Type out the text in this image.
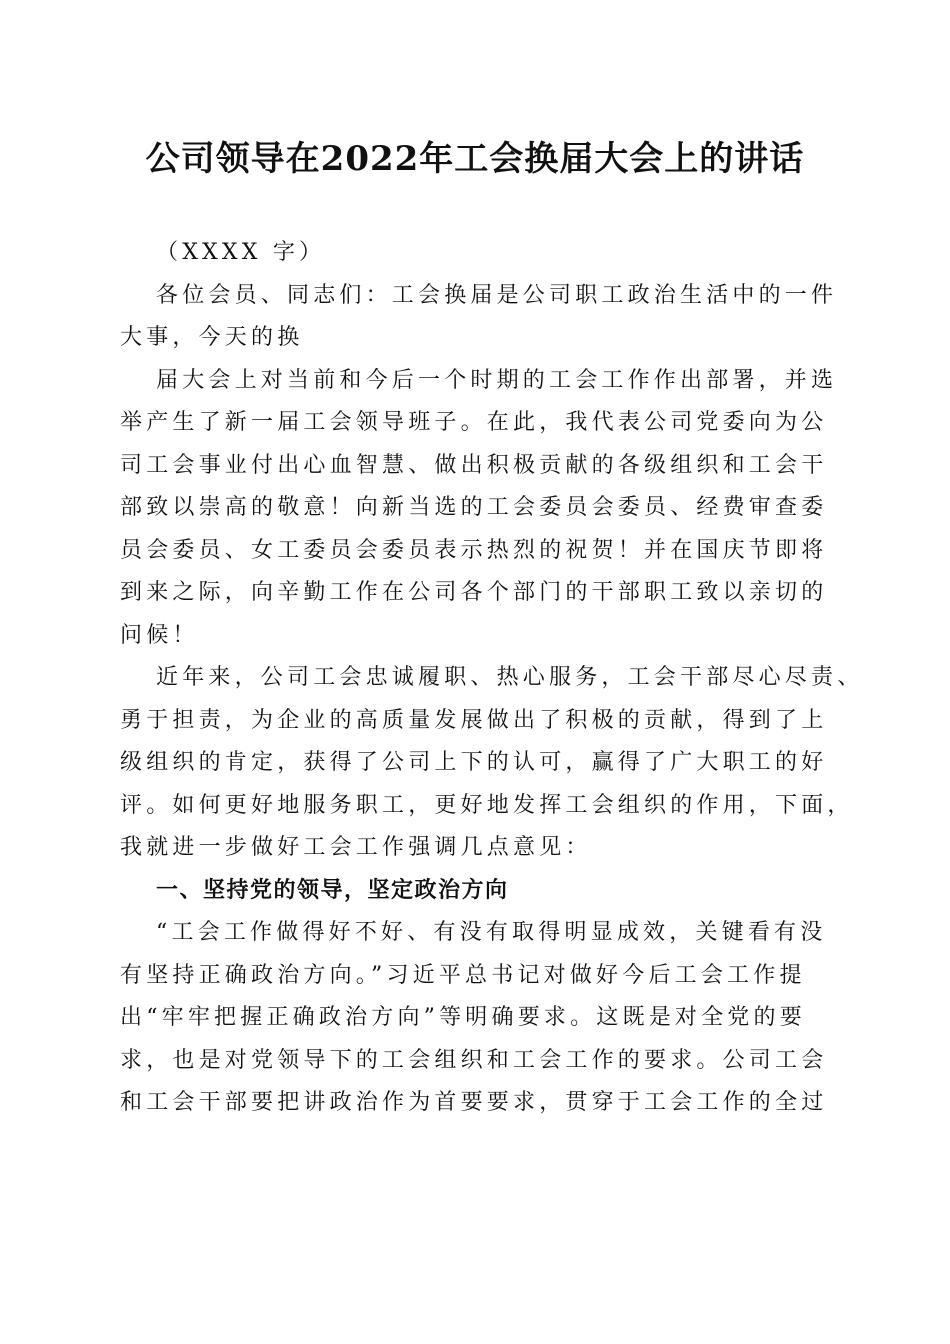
公司领导在2022年工会换届大会上的讲话

（XXXX 字）

各位会员、同志们：工会换届是公司职工政治生活中的一件
大事，今天的换

届大会上对当前和今后一个时期的工会工作作出部署，并选
举产生了新一届工会领导班子。在此，我代表公司党委向为公
司工会事业付出心血智慧、做出积极贡献的各级组织和工会干
部致以崇高的敬意！向新当选的工会委员会委员、经费审查委
员会委员、女工委员会委员表示热烈的祝贺！并在国庆节即将
到来之际，向辛勤工作在公司各个部门的干部职工致以亲切的
问候！

近年来，公司工会忠诚履职、热心服务，工会干部尽心尽责、
勇于担责，为企业的高质量发展做出了积极的贡献，得到了上
级组织的肯定，获得了公司上下的认可，赢得了广大职工的好
评。如何更好地服务职工，更好地发挥工会组织的作用，下面，
我就进一步做好工会工作强调几点意见：

一、坚持党的领导，坚定政治方向

“工会工作做得好不好、有没有取得明显成效，关键看有没
有坚持正确政治方向。”习近平总书记对做好今后工会工作提
出“牢牢把握正确政治方向”等明确要求。这既是对全党的要
求，也是对党领导下的工会组织和工会工作的要求。公司工会
和工会干部要把讲政治作为首要要求，贯穿于工会工作的全过
